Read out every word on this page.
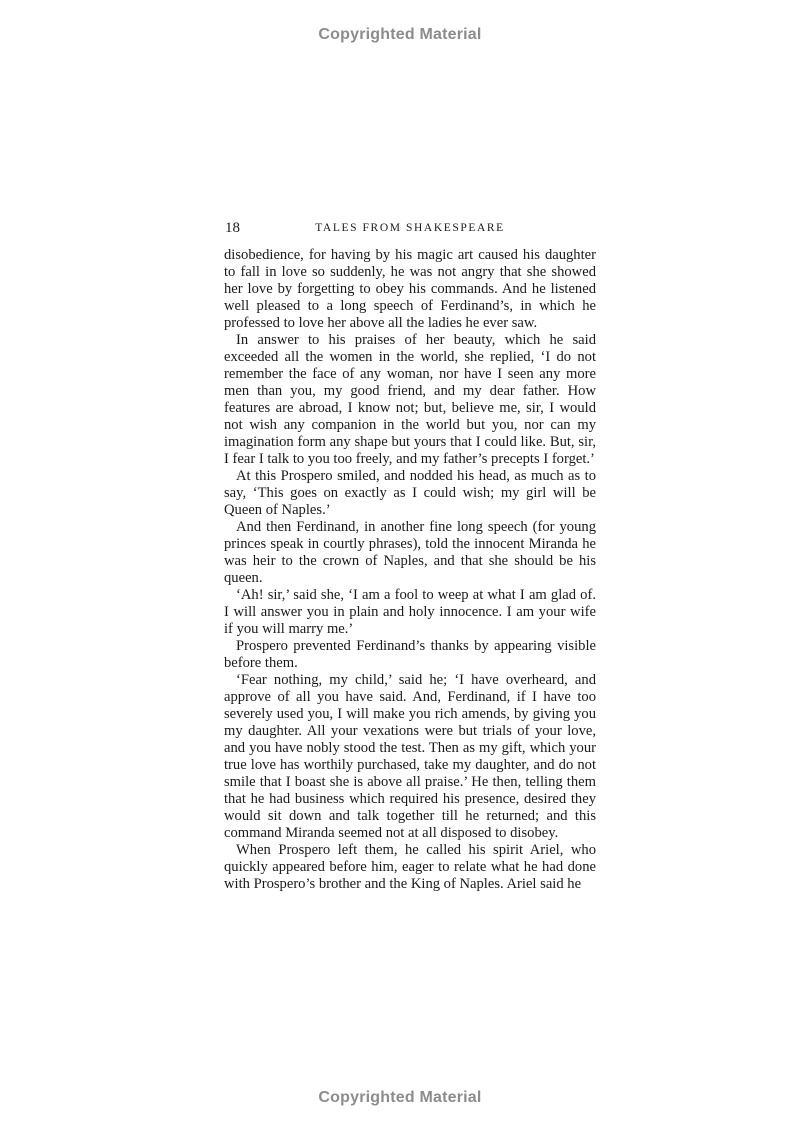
Copyrighted Material
18	TALES FROM SHAKESPEARE

disobedience, for having by his magic art caused his daughter to fall in love so suddenly, he was not angry that she showed her love by forgetting to obey his commands. And he listened well pleased to a long speech of Ferdinand’s, in which he professed to love her above all the ladies he ever saw.

In answer to his praises of her beauty, which he said exceeded all the women in the world, she replied, ‘I do not remember the face of any woman, nor have I seen any more men than you, my good friend, and my dear father. How features are abroad, I know not; but, believe me, sir, I would not wish any companion in the world but you, nor can my imagination form any shape but yours that I could like. But, sir, I fear I talk to you too freely, and my father’s precepts I forget.’

At this Prospero smiled, and nodded his head, as much as to say, ‘This goes on exactly as I could wish; my girl will be Queen of Naples.’

And then Ferdinand, in another fine long speech (for young princes speak in courtly phrases), told the innocent Miranda he was heir to the crown of Naples, and that she should be his queen.

‘Ah! sir,’ said she, ‘I am a fool to weep at what I am glad of. I will answer you in plain and holy innocence. I am your wife if you will marry me.’

Prospero prevented Ferdinand’s thanks by appearing visible before them.

‘Fear nothing, my child,’ said he; ‘I have overheard, and approve of all you have said. And, Ferdinand, if I have too severely used you, I will make you rich amends, by giving you my daughter. All your vexations were but trials of your love, and you have nobly stood the test. Then as my gift, which your true love has worthily purchased, take my daughter, and do not smile that I boast she is above all praise.’ He then, telling them that he had business which required his presence, desired they would sit down and talk together till he returned; and this command Miranda seemed not at all disposed to disobey.

When Prospero left them, he called his spirit Ariel, who quickly appeared before him, eager to relate what he had done with Prospero’s brother and the King of Naples. Ariel said he

Copyrighted Material
